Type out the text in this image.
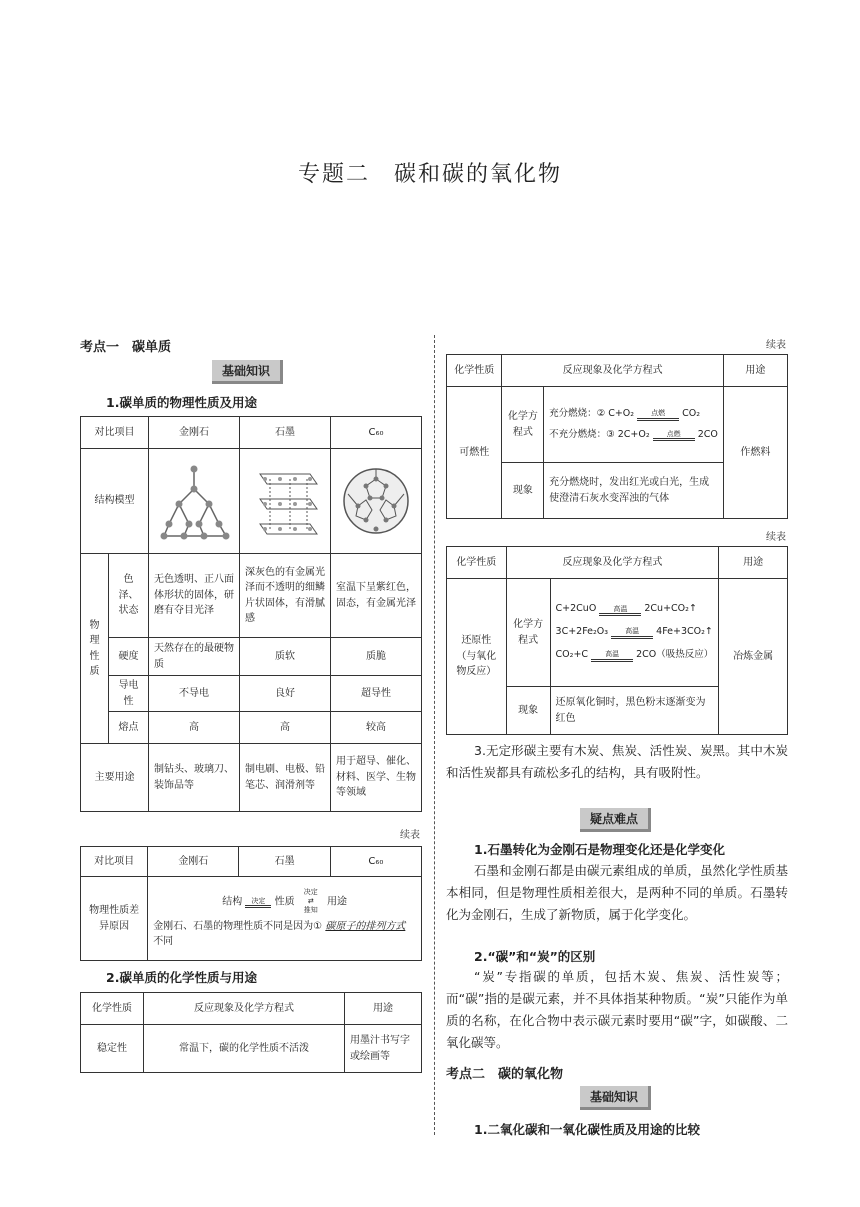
专题二　碳和碳的氧化物
考点一　碳单质
基础知识
1.碳单质的物理性质及用途
对比项目		金刚石	石墨	C₆₀
结构模型	

物理性质	色泽、状态	无色透明、正八面体形状的固体，研磨有夺目光泽	深灰色的有金属光泽而不透明的细鳞片状固体，有滑腻感	室温下呈紫红色，固态，有金属光泽
	硬度	天然存在的最硬物质	质软	质脆
	导电性	不导电	良好	超导性
	熔点	高	高	较高
主要用途		制钻头、玻璃刀、装饰品等	制电刷、电极、铅笔芯、润滑剂等	用于超导、催化、材料、医学、生物等领域
续表
对比项目	金刚石	石墨	C₆₀
物理性质差异原因	结构 决定 性质 决定
⇄
推知 用途
金刚石、石墨的物理性质不同是因为① 碳原子的排列方式 不同		
2.碳单质的化学性质与用途
化学性质	反应现象及化学方程式	用途
稳定性	常温下，碳的化学性质不活泼	用墨汁书写字或绘画等
续表
化学性质	反应现象及化学方程式		用途
可燃性	化学方程式	充分燃烧：② C+O₂ 点燃 CO₂
不充分燃烧：③ 2C+O₂ 点燃 2CO	作燃料
	现象	充分燃烧时，发出红光或白光，生成使澄清石灰水变浑浊的气体	
续表
化学性质	反应现象及化学方程式		用途
还原性（与氧化物反应）	化学方程式	C+2CuO 高温 2Cu+CO₂↑
3C+2Fe₂O₃ 高温 4Fe+3CO₂↑
CO₂+C 高温 2CO（吸热反应）	冶炼金属
	现象	还原氧化铜时，黑色粉末逐渐变为红色	
3.无定形碳主要有木炭、焦炭、活性炭、炭黑。其中木炭和活性炭都具有疏松多孔的结构，具有吸附性。
疑点难点
1.石墨转化为金刚石是物理变化还是化学变化
石墨和金刚石都是由碳元素组成的单质，虽然化学性质基本相同，但是物理性质相差很大，是两种不同的单质。石墨转化为金刚石，生成了新物质，属于化学变化。
2.“碳”和“炭”的区别
“炭”专指碳的单质，包括木炭、焦炭、活性炭等；而“碳”指的是碳元素，并不具体指某种物质。“炭”只能作为单质的名称，在化合物中表示碳元素时要用“碳”字，如碳酸、二氧化碳等。
考点二　碳的氧化物
基础知识
1.二氧化碳和一氧化碳性质及用途的比较
